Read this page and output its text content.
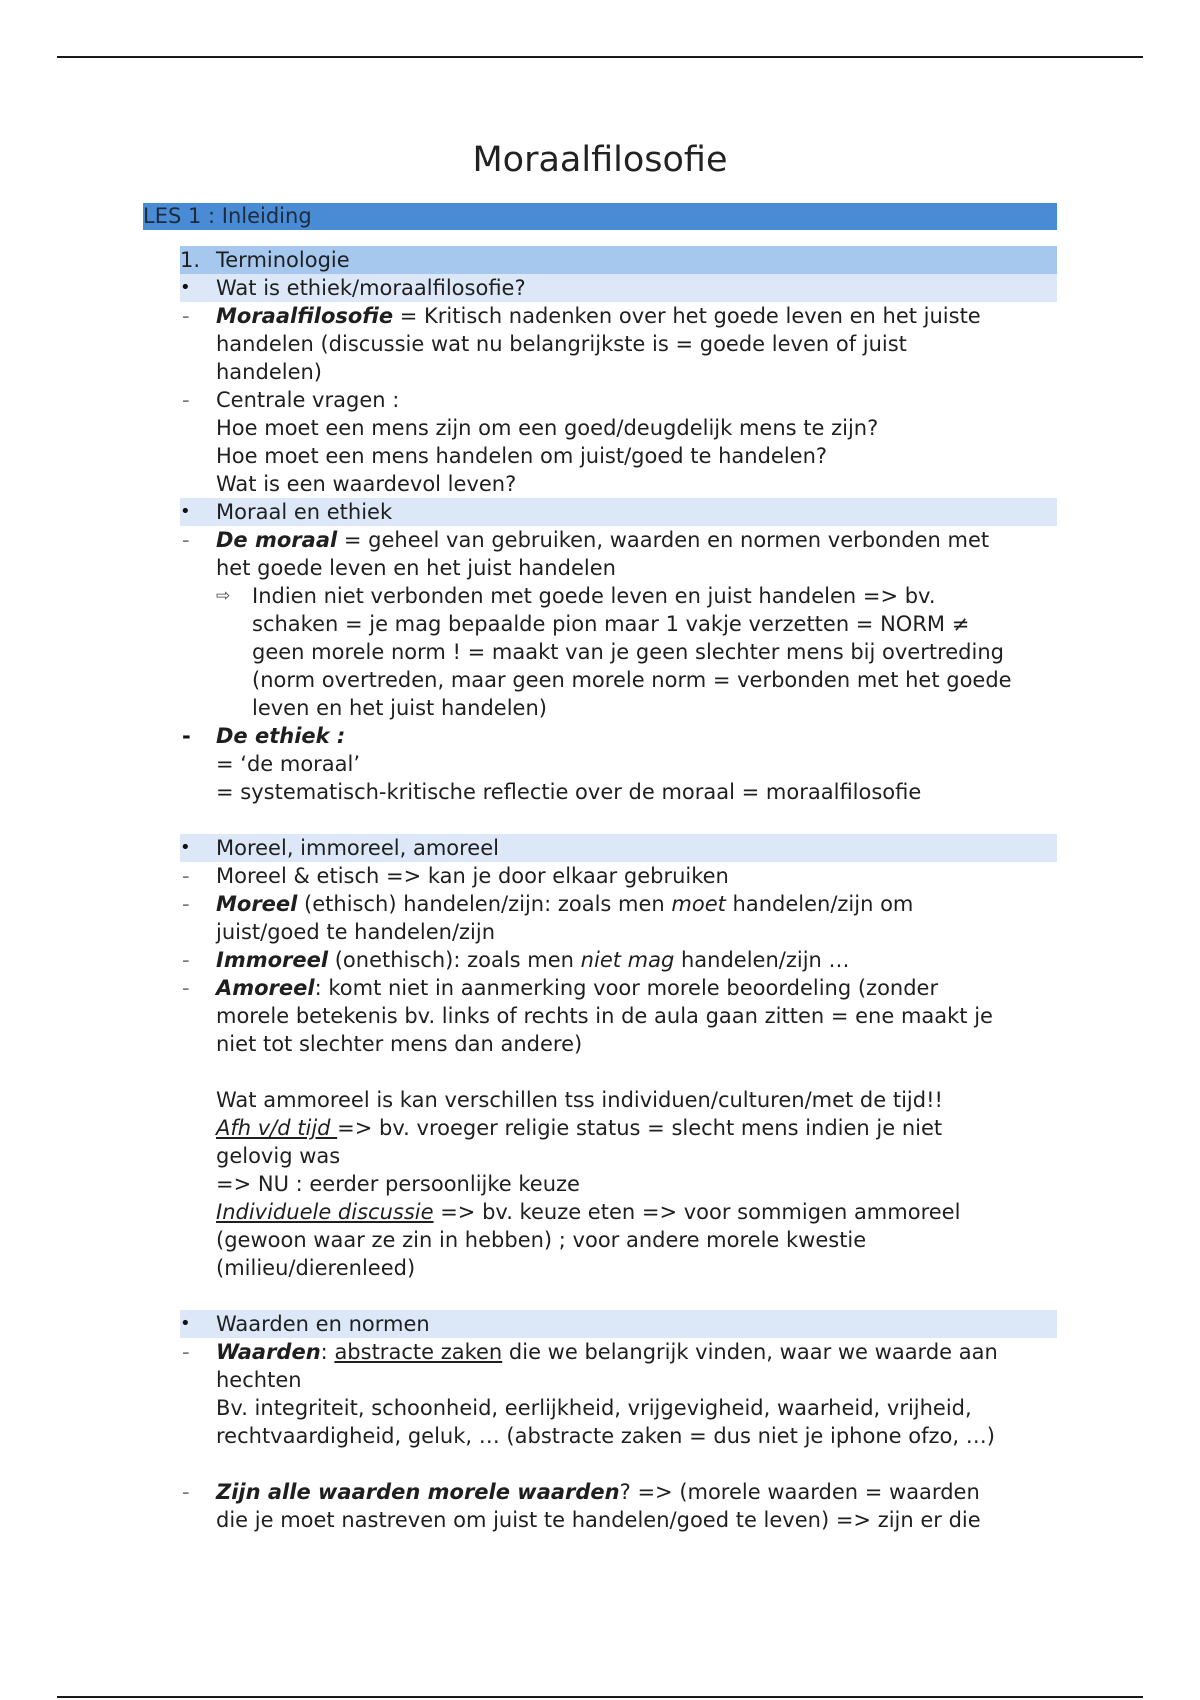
Moraalfilosofie
LES 1 : Inleiding
1. Terminologie
•	Wat is ethiek/moraalfilosofie?
-	Moraalfilosofie = Kritisch nadenken over het goede leven en het juiste
handelen (discussie wat nu belangrijkste is = goede leven of juist
handelen)
-	Centrale vragen :
Hoe moet een mens zijn om een goed/deugdelijk mens te zijn?
Hoe moet een mens handelen om juist/goed te handelen?
Wat is een waardevol leven?
•	Moraal en ethiek
-	De moraal = geheel van gebruiken, waarden en normen verbonden met
het goede leven en het juist handelen
⇨ Indien niet verbonden met goede leven en juist handelen => bv.
schaken = je mag bepaalde pion maar 1 vakje verzetten = NORM ≠
geen morele norm ! = maakt van je geen slechter mens bij overtreding
(norm overtreden, maar geen morele norm = verbonden met het goede
leven en het juist handelen)
-	De ethiek :
= ‘de moraal’
= systematisch-kritische reflectie over de moraal = moraalfilosofie
•	Moreel, immoreel, amoreel
-	Moreel & etisch => kan je door elkaar gebruiken
-	Moreel (ethisch) handelen/zijn: zoals men moet handelen/zijn om
juist/goed te handelen/zijn
-	Immoreel (onethisch): zoals men niet mag handelen/zijn …
-	Amoreel: komt niet in aanmerking voor morele beoordeling (zonder
morele betekenis bv. links of rechts in de aula gaan zitten = ene maakt je
niet tot slechter mens dan andere)
Wat ammoreel is kan verschillen tss individuen/culturen/met de tijd!!
Afh v/d tijd => bv. vroeger religie status = slecht mens indien je niet
gelovig was
=> NU : eerder persoonlijke keuze
Individuele discussie => bv. keuze eten => voor sommigen ammoreel
(gewoon waar ze zin in hebben) ; voor andere morele kwestie
(milieu/dierenleed)
•	Waarden en normen
-	Waarden: abstracte zaken die we belangrijk vinden, waar we waarde aan
hechten
Bv. integriteit, schoonheid, eerlijkheid, vrijgevigheid, waarheid, vrijheid,
rechtvaardigheid, geluk, … (abstracte zaken = dus niet je iphone ofzo, …)
-	Zijn alle waarden morele waarden? => (morele waarden = waarden
die je moet nastreven om juist te handelen/goed te leven) => zijn er die
